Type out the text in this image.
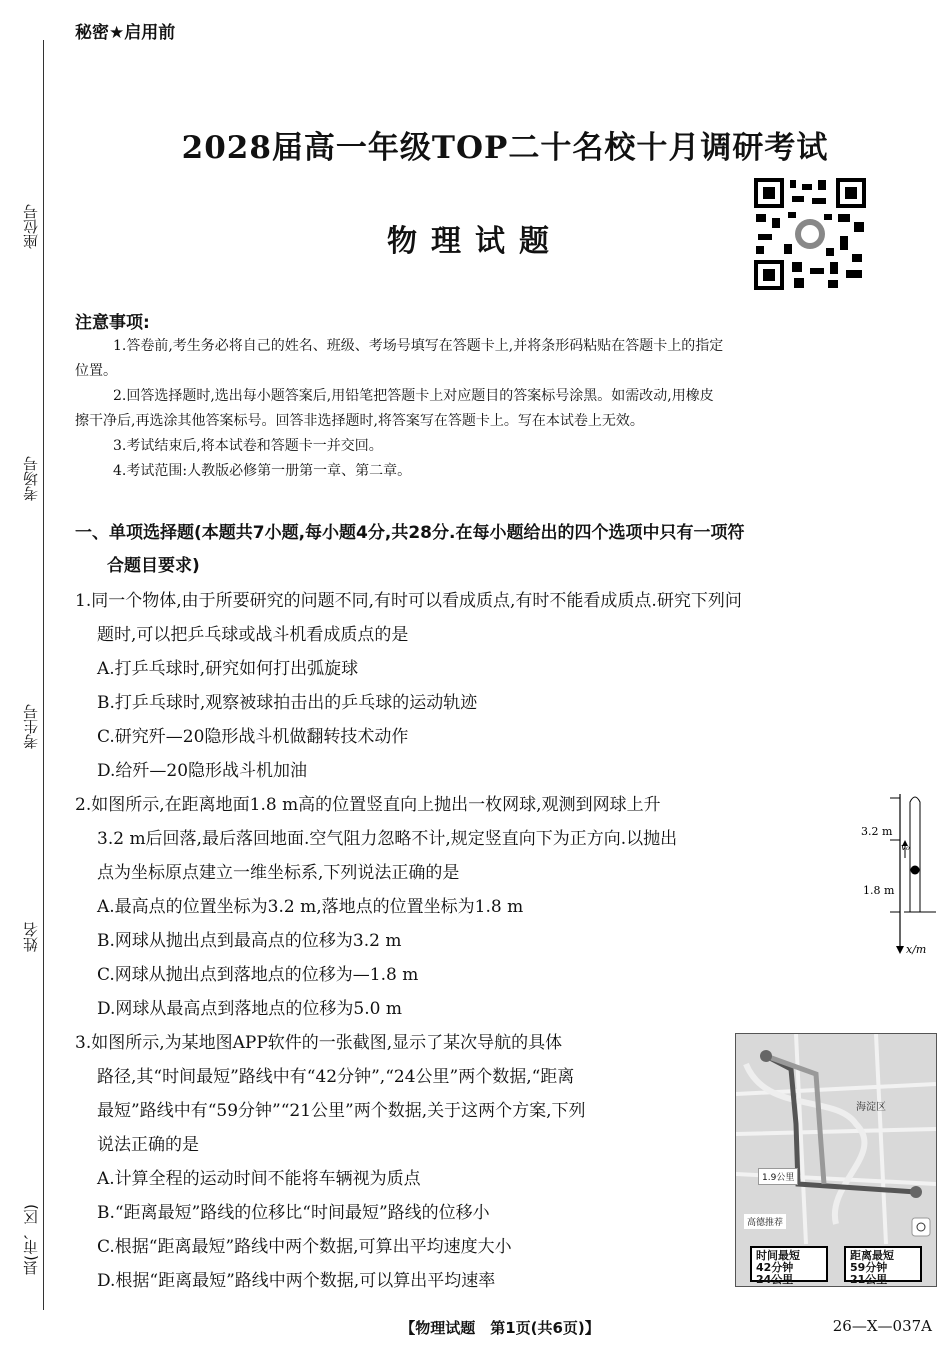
座位号
考场号
考生号
姓名
县(市、区)
秘密★启用前
2028届高一年级TOP二十名校十月调研考试
物理试题
注意事项:

1.答卷前,考生务必将自己的姓名、班级、考场号填写在答题卡上,并将条形码粘贴在答题卡上的指定

位置。

2.回答选择题时,选出每小题答案后,用铅笔把答题卡上对应题目的答案标号涂黑。如需改动,用橡皮

擦干净后,再选涂其他答案标号。回答非选择题时,将答案写在答题卡上。写在本试卷上无效。

3.考试结束后,将本试卷和答题卡一并交回。

4.考试范围:人教版必修第一册第一章、第二章。

一、单项选择题(本题共7小题,每小题4分,共28分.在每小题给出的四个选项中只有一项符
合题目要求)
1.同一个物体,由于所要研究的问题不同,有时可以看成质点,有时不能看成质点.研究下列问
题时,可以把乒乓球或战斗机看成质点的是
A.打乒乓球时,研究如何打出弧旋球
B.打乒乓球时,观察被球拍击出的乒乓球的运动轨迹
C.研究歼—20隐形战斗机做翻转技术动作
D.给歼—20隐形战斗机加油
2.如图所示,在距离地面1.8 m高的位置竖直向上抛出一枚网球,观测到网球上升
3.2 m后回落,最后落回地面.空气阻力忽略不计,规定竖直向下为正方向.以抛出
点为坐标原点建立一维坐标系,下列说法正确的是
A.最高点的位置坐标为3.2 m,落地点的位置坐标为1.8 m
B.网球从抛出点到最高点的位移为3.2 m
C.网球从抛出点到落地点的位移为—1.8 m
D.网球从最高点到落地点的位移为5.0 m
3.2 m
1.8 m
v₀
x/m
3.如图所示,为某地图APP软件的一张截图,显示了某次导航的具体
路径,其“时间最短”路线中有“42分钟”,“24公里”两个数据,“距离
最短”路线中有“59分钟”“21公里”两个数据,关于这两个方案,下列
说法正确的是
A.计算全程的运动时间不能将车辆视为质点
B.“距离最短”路线的位移比“时间最短”路线的位移小
C.根据“距离最短”路线中两个数据,可算出平均速度大小
D.根据“距离最短”路线中两个数据,可以算出平均速率
1.9公里
海淀区
高德推荐
时间最短
42分钟
24公里
距离最短
59分钟
21公里
【物理试题　第1页(共6页)】	26—X—037A
